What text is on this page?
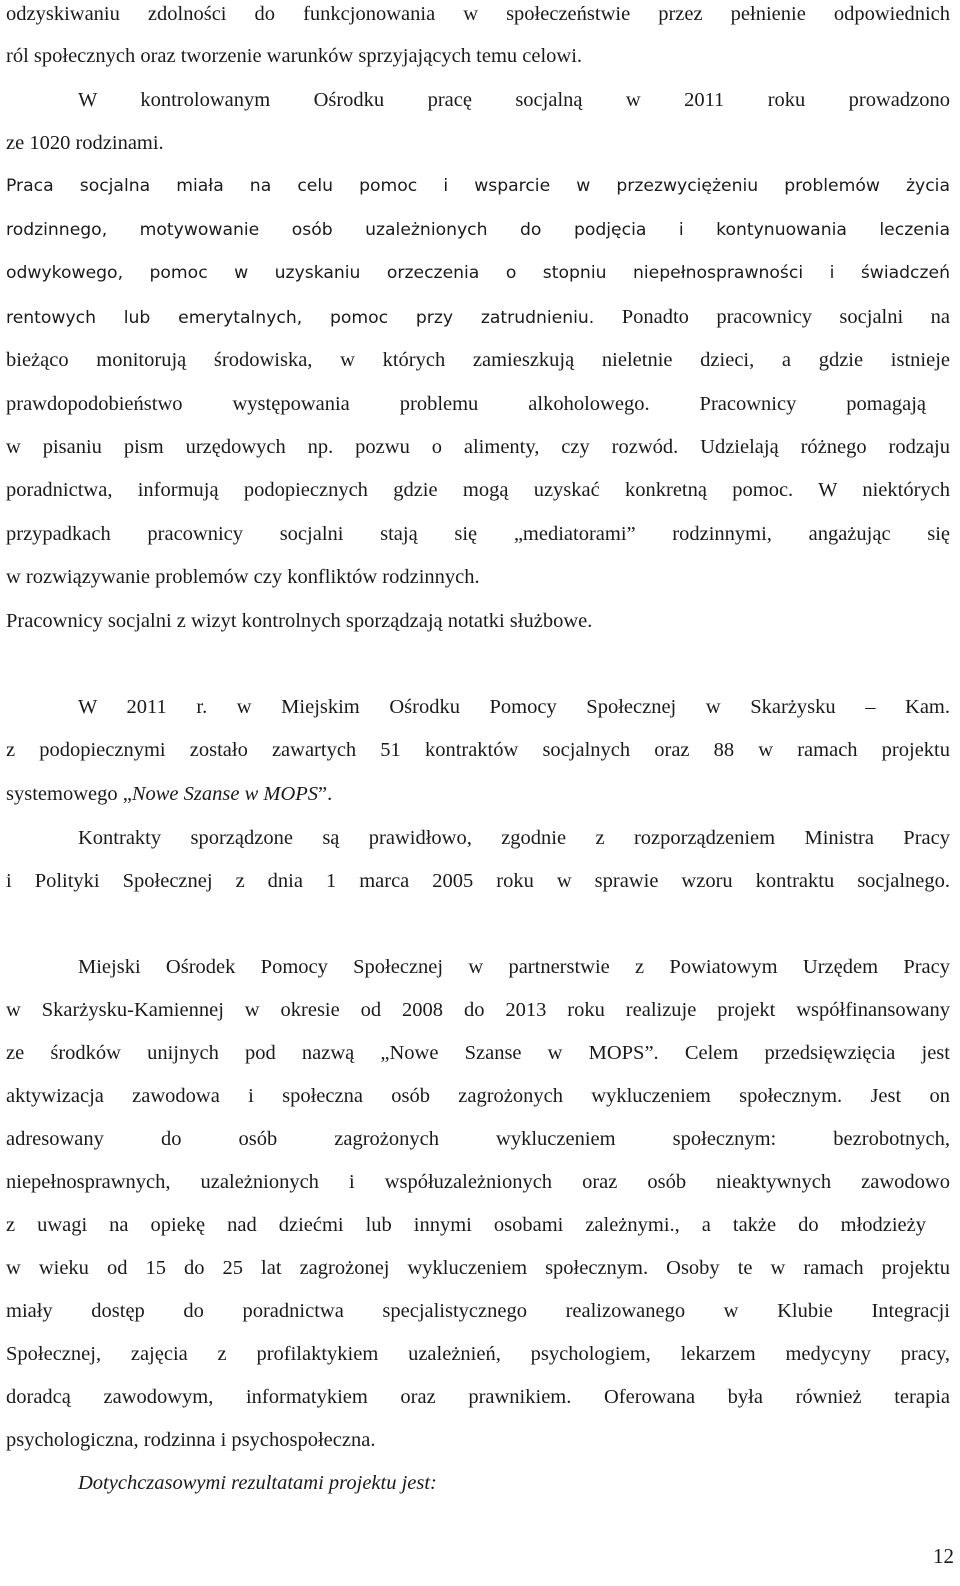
odzyskiwaniu zdolności do funkcjonowania w społeczeństwie przez pełnienie odpowiednich

ról społecznych oraz tworzenie warunków sprzyjających temu celowi.

W kontrolowanym Ośrodku pracę socjalną w 2011 roku prowadzono

ze 1020 rodzinami.

Praca socjalna miała na celu pomoc i wsparcie w przezwyciężeniu problemów życia

rodzinnego, motywowanie osób uzależnionych do podjęcia i kontynuowania leczenia

odwykowego, pomoc w uzyskaniu orzeczenia o stopniu niepełnosprawności i świadczeń

rentowych lub emerytalnych, pomoc przy zatrudnieniu. Ponadto pracownicy socjalni na

bieżąco monitorują środowiska, w których zamieszkują nieletnie dzieci, a gdzie istnieje

prawdopodobieństwo występowania problemu alkoholowego. Pracownicy pomagają

w pisaniu pism urzędowych np. pozwu o alimenty, czy rozwód. Udzielają różnego rodzaju

poradnictwa, informują podopiecznych gdzie mogą uzyskać konkretną pomoc. W niektórych

przypadkach pracownicy socjalni stają się „mediatorami” rodzinnymi, angażując się

w rozwiązywanie problemów czy konfliktów rodzinnych.

Pracownicy socjalni z wizyt kontrolnych sporządzają notatki służbowe.

W 2011 r. w Miejskim Ośrodku Pomocy Społecznej w Skarżysku – Kam.

z podopiecznymi zostało zawartych 51 kontraktów socjalnych oraz 88 w ramach projektu

systemowego „Nowe Szanse w MOPS”.

Kontrakty sporządzone są prawidłowo, zgodnie z rozporządzeniem Ministra Pracy

i Polityki Społecznej z dnia 1 marca 2005 roku w sprawie wzoru kontraktu socjalnego.

Miejski Ośrodek Pomocy Społecznej w partnerstwie z Powiatowym Urzędem Pracy

w Skarżysku-Kamiennej w okresie od 2008 do 2013 roku realizuje projekt współfinansowany

ze środków unijnych pod nazwą „Nowe Szanse w MOPS”. Celem przedsięwzięcia jest

aktywizacja zawodowa i społeczna osób zagrożonych wykluczeniem społecznym. Jest on

adresowany do osób zagrożonych wykluczeniem społecznym: bezrobotnych,

niepełnosprawnych, uzależnionych i współuzależnionych oraz osób nieaktywnych zawodowo

z uwagi na opiekę nad dziećmi lub innymi osobami zależnymi., a także do młodzieży

w wieku od 15 do 25 lat zagrożonej wykluczeniem społecznym. Osoby te w ramach projektu

miały dostęp do poradnictwa specjalistycznego realizowanego w Klubie Integracji

Społecznej, zajęcia z profilaktykiem uzależnień, psychologiem, lekarzem medycyny pracy,

doradcą zawodowym, informatykiem oraz prawnikiem. Oferowana była również terapia

psychologiczna, rodzinna i psychospołeczna.

Dotychczasowymi rezultatami projektu jest:

12
